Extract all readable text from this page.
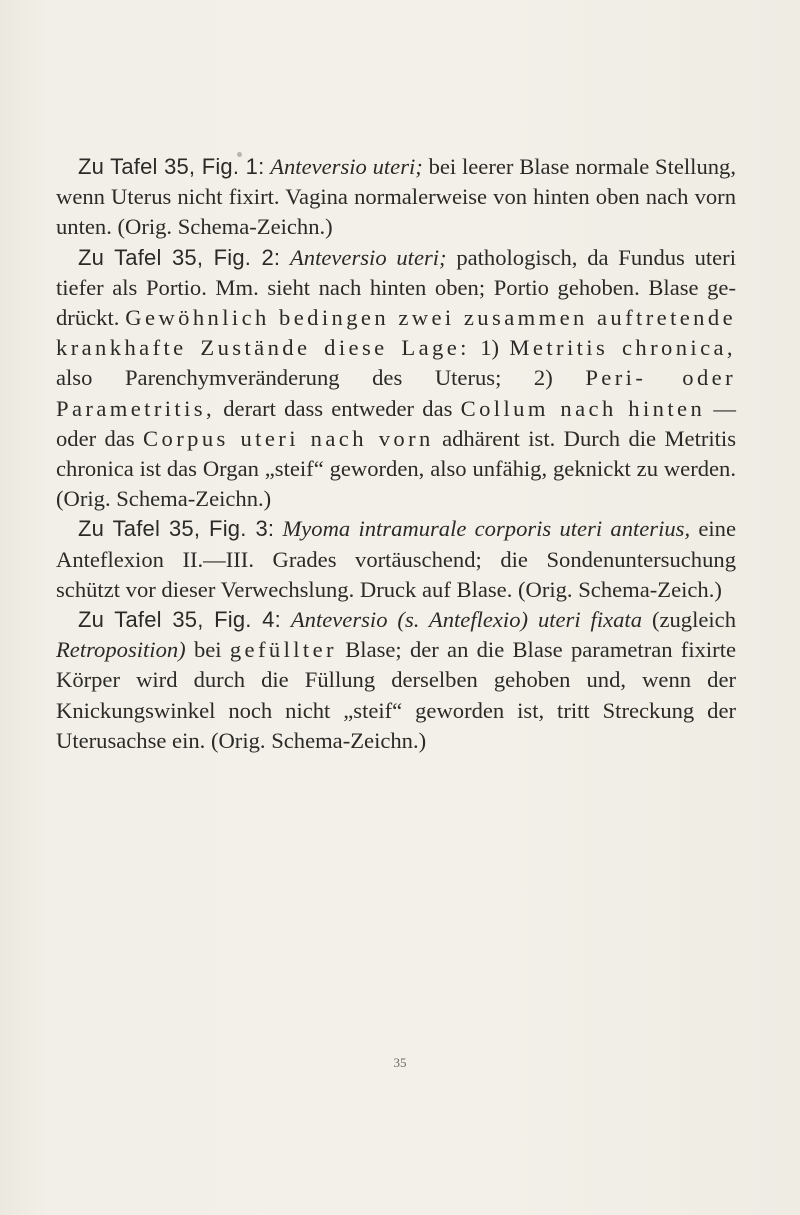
Zu Tafel 35, Fig. 1: Anteversio uteri; bei leerer Blase normale Stellung, wenn Uterus nicht fixirt. Vagina normalerweise von hinten oben nach vorn unten. (Orig. Schema-Zeichn.)

Zu Tafel 35, Fig. 2: Anteversio uteri; pathologisch, da Fundus uteri tiefer als Portio. Mm. sieht nach hinten oben; Portio gehoben. Blase gedrückt. Gewöhnlich bedingen zwei zusammen auftretende krankhafte Zustände diese Lage: 1) Metritis chronica, also Parenchymveränderung des Uterus; 2) Peri- oder Parametritis, derart dass entweder das Collum nach hinten — oder das Corpus uteri nach vorn adhärent ist. Durch die Metritis chronica ist das Organ „steif“ geworden, also unfähig, geknickt zu werden. (Orig. Schema-Zeichn.)

Zu Tafel 35, Fig. 3: Myoma intramurale corporis uteri anterius, eine Anteflexion II.—III. Grades vortäuschend; die Sondenuntersuchung schützt vor dieser Verwechslung. Druck auf Blase. (Orig. Schema-Zeich.)

Zu Tafel 35, Fig. 4: Anteversio (s. Anteflexio) uteri fixata (zugleich Retroposition) bei gefüllter Blase; der an die Blase parametran fixirte Körper wird durch die Füllung derselben gehoben und, wenn der Knickungswinkel noch nicht „steif“ geworden ist, tritt Streckung der Uterusachse ein. (Orig. Schema-Zeichn.)

35
